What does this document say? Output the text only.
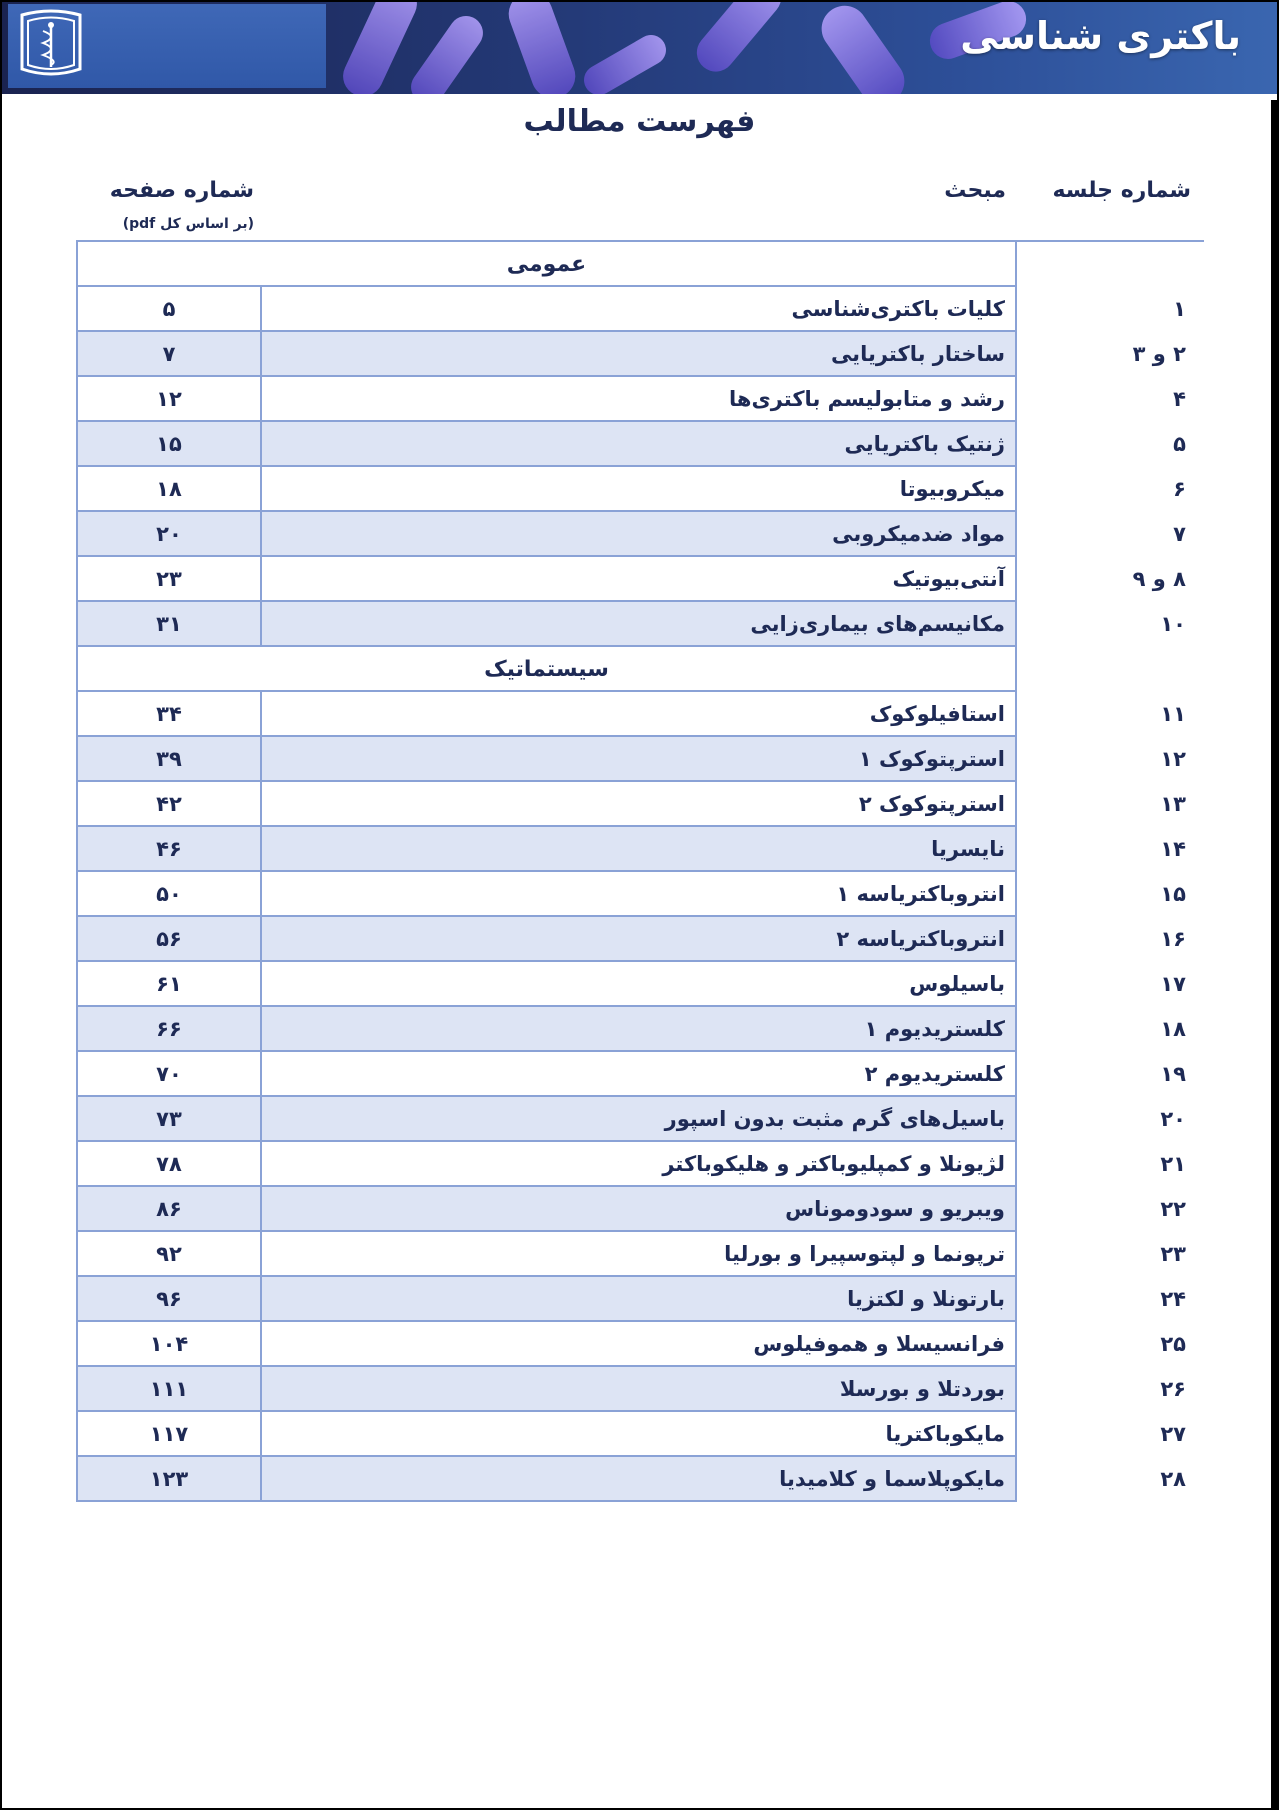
باکتری شناسی
فهرست مطالب
شماره جلسه
مبحث
شماره صفحه
(بر اساس کل pdf)
عمومی
۱
کلیات باکتری‌شناسی
۵
۲ و ۳
ساختار باکتریایی
۷
۴
رشد و متابولیسم باکتری‌ها
۱۲
۵
ژنتیک باکتریایی
۱۵
۶
میکروبیوتا
۱۸
۷
مواد ضدمیکروبی
۲۰
۸ و ۹
آنتی‌بیوتیک
۲۳
۱۰
مکانیسم‌های بیماری‌زایی
۳۱
سیستماتیک
۱۱
استافیلوکوک
۳۴
۱۲
استرپتوکوک ۱
۳۹
۱۳
استرپتوکوک ۲
۴۲
۱۴
نایسریا
۴۶
۱۵
انتروباکتریاسه ۱
۵۰
۱۶
انتروباکتریاسه ۲
۵۶
۱۷
باسیلوس
۶۱
۱۸
کلستریدیوم ۱
۶۶
۱۹
کلستریدیوم ۲
۷۰
۲۰
باسیل‌های گرم مثبت بدون اسپور
۷۳
۲۱
لژیونلا و کمپلیوباکتر و هلیکوباکتر
۷۸
۲۲
ویبریو و سودوموناس
۸۶
۲۳
ترپونما و لپتوسپیرا و بورلیا
۹۲
۲۴
بارتونلا و لکتزیا
۹۶
۲۵
فرانسیسلا و هموفیلوس
۱۰۴
۲۶
بوردتلا و بورسلا
۱۱۱
۲۷
مایکوباکتریا
۱۱۷
۲۸
مایکوپلاسما و کلامیدیا
۱۲۳
